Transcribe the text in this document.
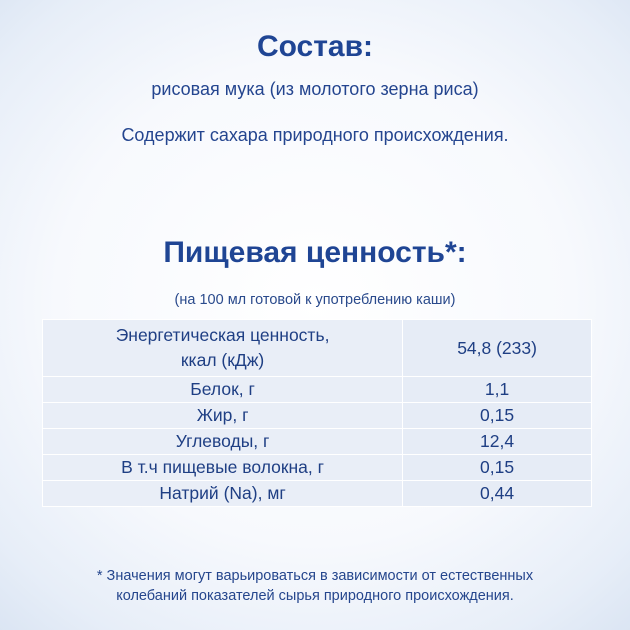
Состав:

рисовая мука (из молотого зерна риса)

Содержит сахара природного происхождения.

Пищевая ценность*:
(на 100 мл готовой к употреблению каши)
Энергетическая ценность,
ккал (кДж)	54,8 (233)
Белок, г	1,1
Жир, г	0,15
Углеводы, г	12,4
В т.ч пищевые волокна, г	0,15
Натрий (Na), мг	0,44
* Значения могут варьироваться в зависимости от естественных
колебаний показателей сырья природного происхождения.
